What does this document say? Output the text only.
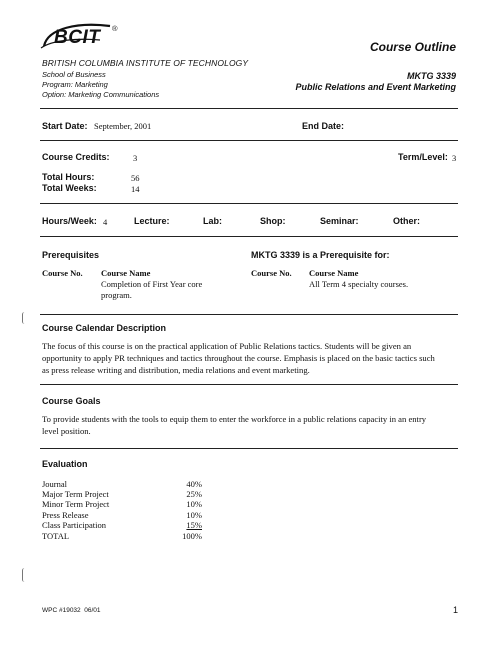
BCIT ®
BRITISH COLUMBIA INSTITUTE OF TECHNOLOGY
School of Business
Program: Marketing
Option: Marketing Communications
Course Outline
MKTG 3339
Public Relations and Event Marketing
Start Date: September, 2001	End Date:
Course Credits:	3	Term/Level: 3
Total Hours:	56
Total Weeks:	14
Hours/Week: 4	Lecture:	Lab:	Shop:	Seminar:	Other:
Prerequisites
Course No. Course Name
Completion of First Year core
program.
MKTG 3339 is a Prerequisite for:
Course No. Course Name
All Term 4 specialty courses.
Course Calendar Description
The focus of this course is on the practical application of Public Relations tactics. Students will be given an
opportunity to apply PR techniques and tactics throughout the course. Emphasis is placed on the basic tactics such
as press release writing and distribution, media relations and event marketing.
Course Goals
To provide students with the tools to equip them to enter the workforce in a public relations capacity in an entry
level position.
Evaluation
Journal	40%
Major Term Project	25%
Minor Term Project	10%
Press Release	10%
Class Participation	15%
TOTAL	100%
WPC #19032  06/01	1
